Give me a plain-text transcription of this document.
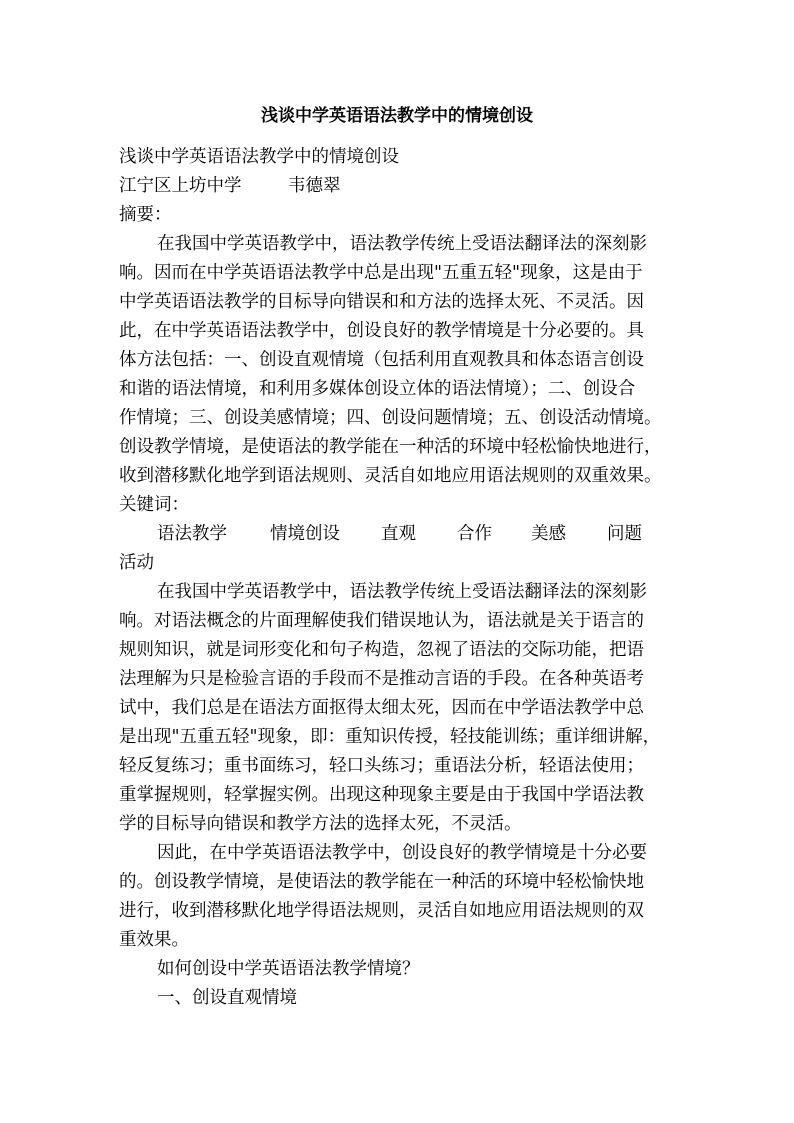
浅谈中学英语语法教学中的情境创设
浅谈中学英语语法教学中的情境创设
江宁区上坊中学	韦德翠
摘要：
在我国中学英语教学中，语法教学传统上受语法翻译法的深刻影
响。因而在中学英语语法教学中总是出现"五重五轻"现象，这是由于
中学英语语法教学的目标导向错误和和方法的选择太死、不灵活。因
此，在中学英语语法教学中，创设良好的教学情境是十分必要的。具
体方法包括：一、创设直观情境（包括利用直观教具和体态语言创设
和谐的语法情境，和利用多媒体创设立体的语法情境）；二、创设合
作情境；三、创设美感情境；四、创设问题情境；五、创设活动情境。
创设教学情境，是使语法的教学能在一种活的环境中轻松愉快地进行，
收到潜移默化地学到语法规则、灵活自如地应用语法规则的双重效果。
关键词：
语法教学 情境创设 直观 合作 美感 问题
活动
在我国中学英语教学中，语法教学传统上受语法翻译法的深刻影
响。对语法概念的片面理解使我们错误地认为，语法就是关于语言的
规则知识，就是词形变化和句子构造，忽视了语法的交际功能，把语
法理解为只是检验言语的手段而不是推动言语的手段。在各种英语考
试中，我们总是在语法方面抠得太细太死，因而在中学语法教学中总
是出现"五重五轻"现象，即：重知识传授，轻技能训练；重详细讲解，
轻反复练习；重书面练习，轻口头练习；重语法分析，轻语法使用；
重掌握规则，轻掌握实例。出现这种现象主要是由于我国中学语法教
学的目标导向错误和教学方法的选择太死，不灵活。
因此，在中学英语语法教学中，创设良好的教学情境是十分必要
的。创设教学情境，是使语法的教学能在一种活的环境中轻松愉快地
进行，收到潜移默化地学得语法规则，灵活自如地应用语法规则的双
重效果。
如何创设中学英语语法教学情境？
一、创设直观情境
